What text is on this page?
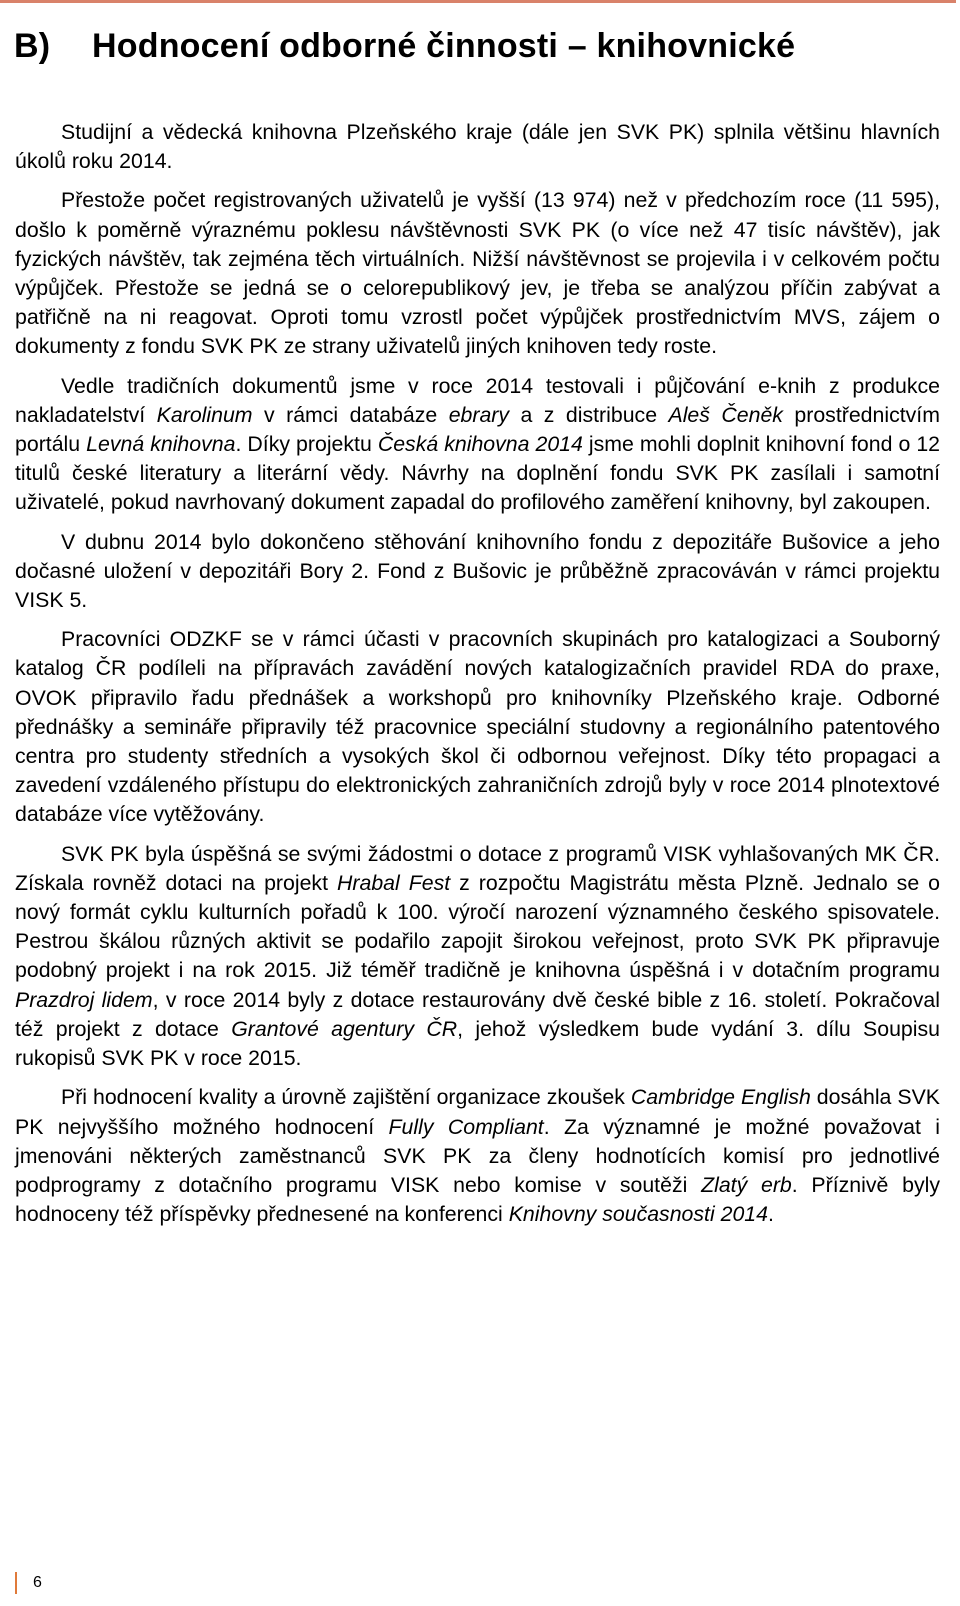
B) Hodnocení odborné činnosti – knihovnické

Studijní a vědecká knihovna Plzeňského kraje (dále jen SVK PK) splnila většinu hlavních úkolů roku 2014.

Přestože počet registrovaných uživatelů je vyšší (13 974) než v předchozím roce (11 595), došlo k poměrně výraznému poklesu návštěvnosti SVK PK (o více než 47 tisíc návštěv), jak fyzických návštěv, tak zejména těch virtuálních. Nižší návštěvnost se projevila i v celkovém počtu výpůjček. Přestože se jedná se o celorepublikový jev, je třeba se analýzou příčin zabývat a patřičně na ni reagovat. Oproti tomu vzrostl počet výpůjček prostřednictvím MVS, zájem o dokumenty z fondu SVK PK ze strany uživatelů jiných knihoven tedy roste.

Vedle tradičních dokumentů jsme v roce 2014 testovali i půjčování e-knih z produkce nakladatelství Karolinum v rámci databáze ebrary a z distribuce Aleš Čeněk prostřednictvím portálu Levná knihovna. Díky projektu Česká knihovna 2014 jsme mohli doplnit knihovní fond o 12 titulů české literatury a literární vědy. Návrhy na doplnění fondu SVK PK zasílali i samotní uživatelé, pokud navrhovaný dokument zapadal do profilového zaměření knihovny, byl zakoupen.

V dubnu 2014 bylo dokončeno stěhování knihovního fondu z depozitáře Bušovice a jeho dočasné uložení v depozitáři Bory 2. Fond z Bušovic je průběžně zpracováván v rámci projektu VISK 5.

Pracovníci ODZKF se v rámci účasti v pracovních skupinách pro katalogizaci a Souborný katalog ČR podíleli na přípravách zavádění nových katalogizačních pravidel RDA do praxe, OVOK připravilo řadu přednášek a workshopů pro knihovníky Plzeňského kraje. Odborné přednášky a semináře připravily též pracovnice speciální studovny a regionálního patentového centra pro studenty středních a vysokých škol či odbornou veřejnost. Díky této propagaci a zavedení vzdáleného přístupu do elektronických zahraničních zdrojů byly v roce 2014 plnotextové databáze více vytěžovány.

SVK PK byla úspěšná se svými žádostmi o dotace z programů VISK vyhlašovaných MK ČR. Získala rovněž dotaci na projekt Hrabal Fest z rozpočtu Magistrátu města Plzně. Jednalo se o nový formát cyklu kulturních pořadů k 100. výročí narození významného českého spisovatele. Pestrou škálou různých aktivit se podařilo zapojit širokou veřejnost, proto SVK PK připravuje podobný projekt i na rok 2015. Již téměř tradičně je knihovna úspěšná i v dotačním programu Prazdroj lidem, v roce 2014 byly z dotace restaurovány dvě české bible z 16. století. Pokračoval též projekt z dotace Grantové agentury ČR, jehož výsledkem bude vydání 3. dílu Soupisu rukopisů SVK PK v roce 2015.

Při hodnocení kvality a úrovně zajištění organizace zkoušek Cambridge English dosáhla SVK PK nejvyššího možného hodnocení Fully Compliant. Za významné je možné považovat i jmenováni některých zaměstnanců SVK PK za členy hodnotících komisí pro jednotlivé podprogramy z dotačního programu VISK nebo komise v soutěži Zlatý erb. Příznivě byly hodnoceny též příspěvky přednesené na konferenci Knihovny současnosti 2014.

6
